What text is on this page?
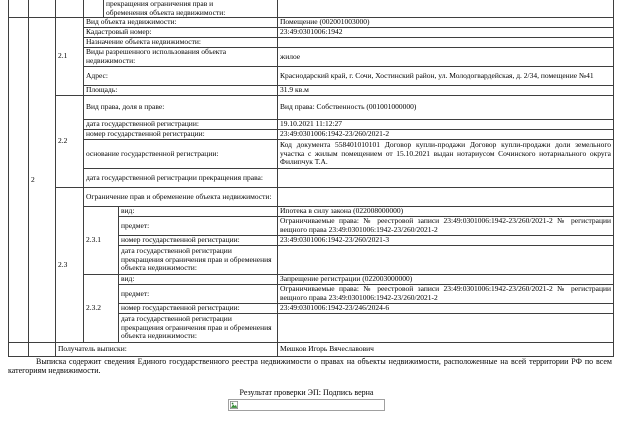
				прекращения ограничения прав и
обременения объекта недвижимости:		

	2	2.1	Вид объекта недвижимости:			Помещение (002001003000)
			Кадастровый номер:			23:49:0301006:1942
			Назначение объекта недвижимости:			
			Виды разрешенного использования объекта недвижимости:			жилое
			Адрес:			Краснодарский край, г. Сочи, Хостинский район, ул. Молодогвардейская, д. 2/34, помещение №41
			Площадь:			31.9 кв.м
		2.2	Вид права, доля в праве:			Вид права: Собственность (001001000000)
			дата государственной регистрации:			19.10.2021 11:12:27
			номер государственной регистрации:			23:49:0301006:1942-23/260/2021-2
			основание государственной регистрации:			Код документа 558401010101 Договор купли-продажи Договор купли-продажи доли земельного участка с жилым помещением от 15.10.2021 выдан нотариусом Сочинского нотариального округа Филипчук Т.А.
			дата государственной регистрации прекращения права:			
		2.3	Ограничение прав и обременение объекта недвижимости:			
			2.3.1		вид:	Ипотека в силу закона (022008000000)
					предмет:	Ограничиваемые права: № реестровой записи 23:49:0301006:1942-23/260/2021-2 № регистрации вещного права 23:49:0301006:1942-23/260/2021-2
					номер государственной регистрации:	23:49:0301006:1942-23/260/2021-3
					дата государственной регистрации прекращения ограничения прав и обременения объекта недвижимости:	
			2.3.2		вид:	Запрещение регистрации (022003000000)
					предмет:	Ограничиваемые права: № реестровой записи 23:49:0301006:1942-23/260/2021-2 № регистрации вещного права 23:49:0301006:1942-23/260/2021-2
					номер государственной регистрации:	23:49:0301006:1942-23/246/2024-6
					дата государственной регистрации прекращения ограничения прав и обременения объекта недвижимости:	
		Получатель выписки:				Мешков Игорь Вячеславович
Выписка содержит сведения Единого государственного реестра недвижимости о правах на объекты недвижимости, расположенные на всей территории РФ по всем категориям недвижимости.
Результат проверки ЭП: Подпись верна
